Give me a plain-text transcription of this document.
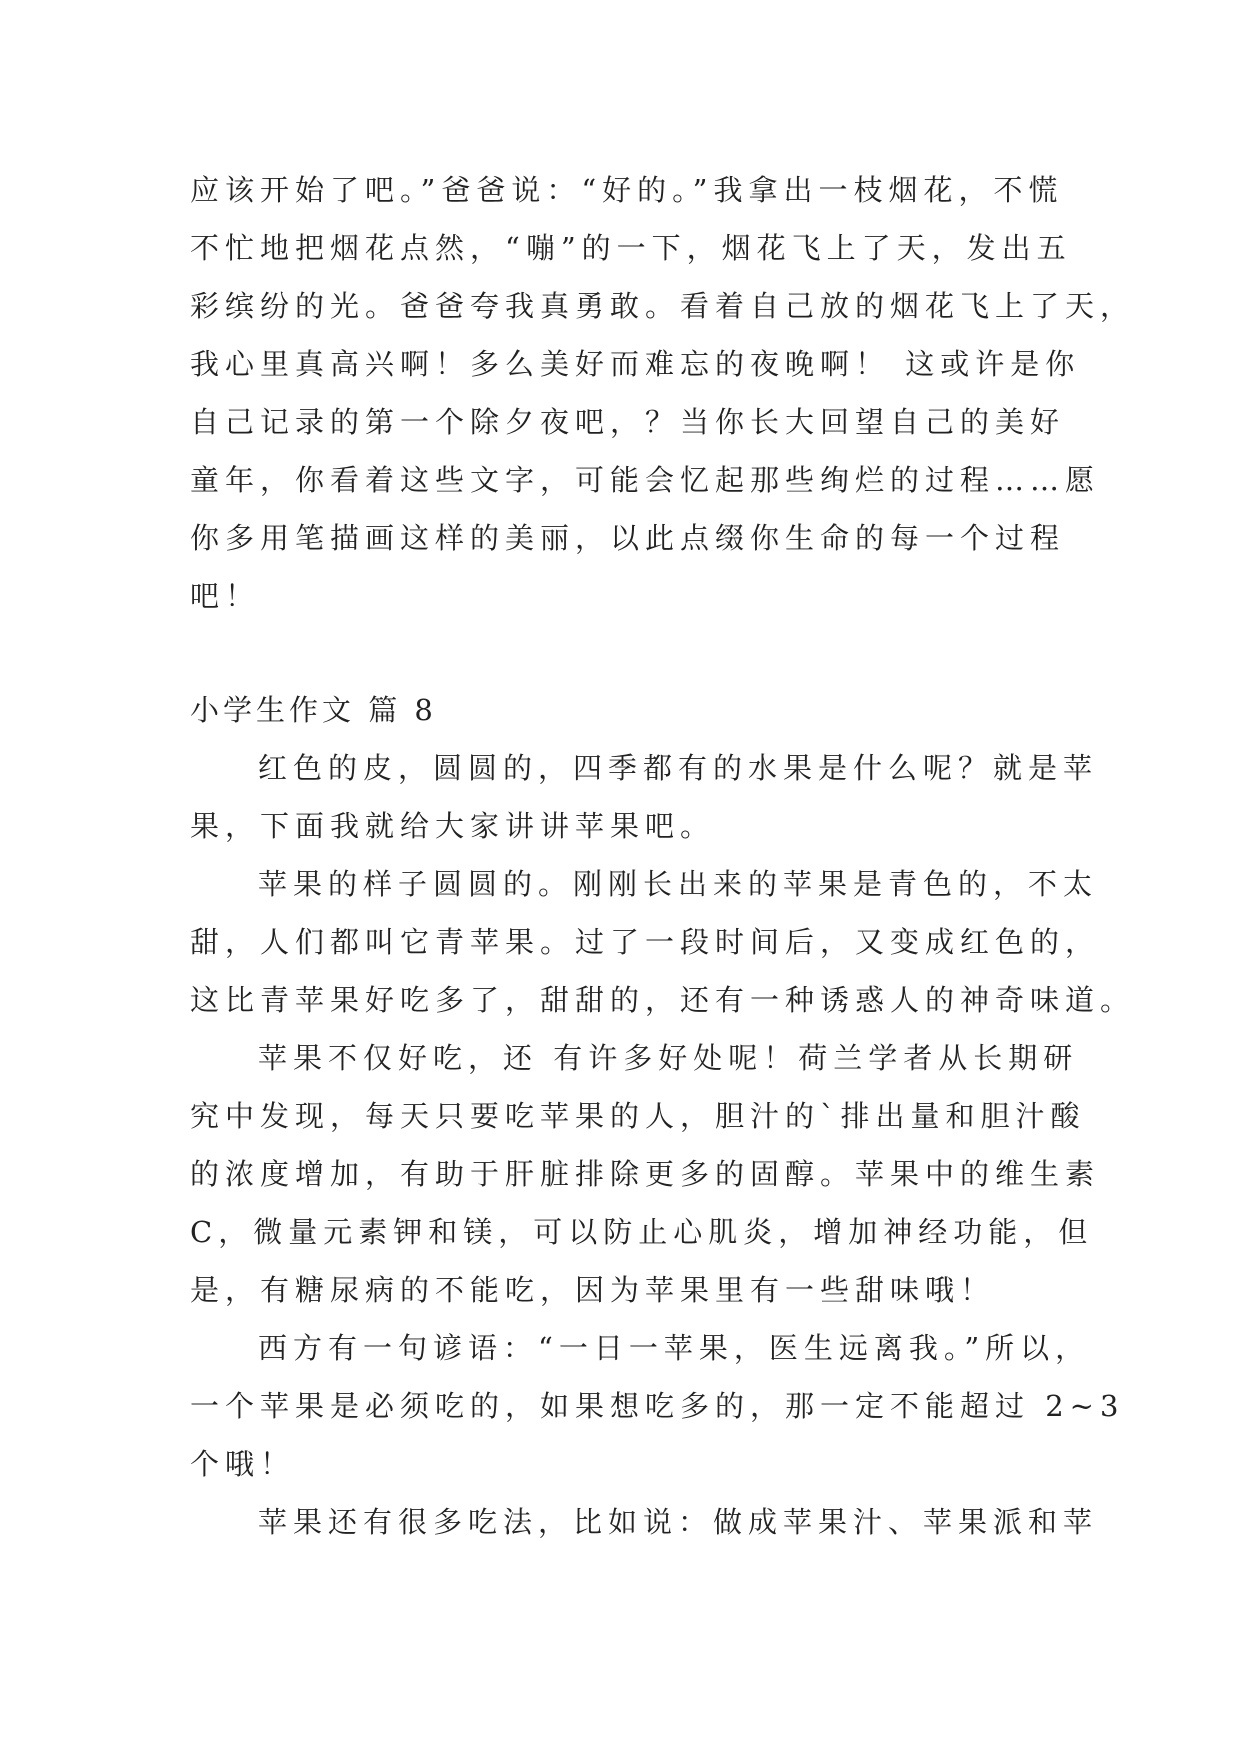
应该开始了吧。”爸爸说：“好的。”我拿出一枝烟花，不慌
不忙地把烟花点然，“嘣”的一下，烟花飞上了天，发出五
彩缤纷的光。爸爸夸我真勇敢。看着自己放的烟花飞上了天，
我心里真高兴啊！多么美好而难忘的夜晚啊！ 这或许是你
自己记录的第一个除夕夜吧，？当你长大回望自己的美好
童年，你看着这些文字，可能会忆起那些绚烂的过程……愿
你多用笔描画这样的美丽，以此点缀你生命的每一个过程
吧！
小学生作文 篇 8
红色的皮，圆圆的，四季都有的水果是什么呢？就是苹
果，下面我就给大家讲讲苹果吧。
苹果的样子圆圆的。刚刚长出来的苹果是青色的，不太
甜，人们都叫它青苹果。过了一段时间后，又变成红色的，
这比青苹果好吃多了，甜甜的，还有一种诱惑人的神奇味道。
苹果不仅好吃，还 有许多好处呢！荷兰学者从长期研
究中发现，每天只要吃苹果的人，胆汁的`排出量和胆汁酸
的浓度增加，有助于肝脏排除更多的固醇。苹果中的维生素
C，微量元素钾和镁，可以防止心肌炎，增加神经功能，但
是，有糖尿病的不能吃，因为苹果里有一些甜味哦！
西方有一句谚语：“一日一苹果，医生远离我。”所以，
一个苹果是必须吃的，如果想吃多的，那一定不能超过 2~3
个哦！
苹果还有很多吃法，比如说：做成苹果汁、苹果派和苹
